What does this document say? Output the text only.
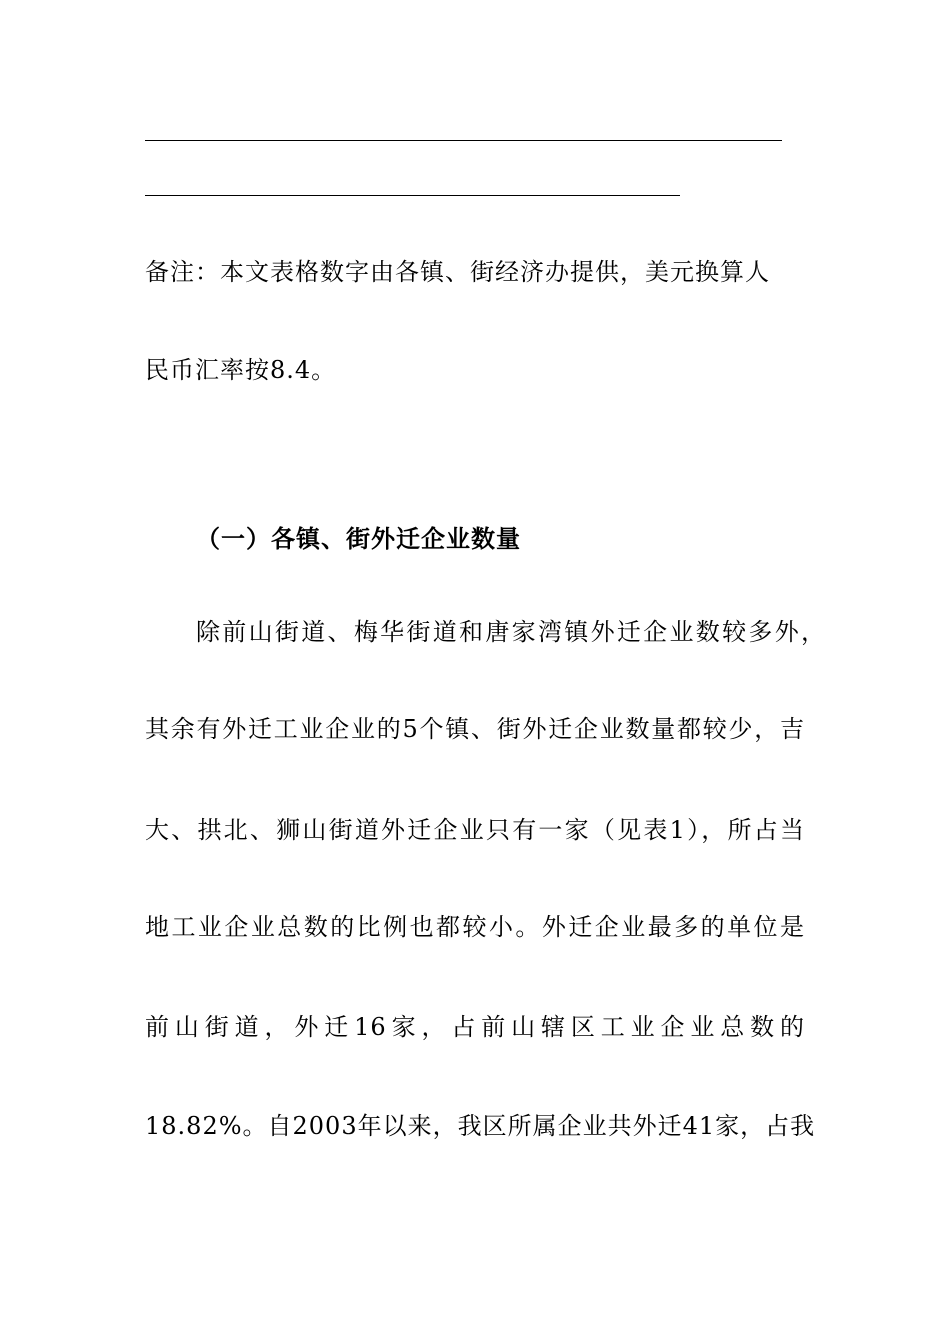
备注：本文表格数字由各镇、街经济办提供，美元换算人
民币汇率按8.4。
（一）各镇、街外迁企业数量
除前山街道、梅华街道和唐家湾镇外迁企业数较多外，
其余有外迁工业企业的5个镇、街外迁企业数量都较少，吉
大、拱北、狮山街道外迁企业只有一家（见表1），所占当
地工业企业总数的比例也都较小。外迁企业最多的单位是
前山街道，外迁16家，占前山辖区工业企业总数的
18.82%。自2003年以来，我区所属企业共外迁41家，占我
